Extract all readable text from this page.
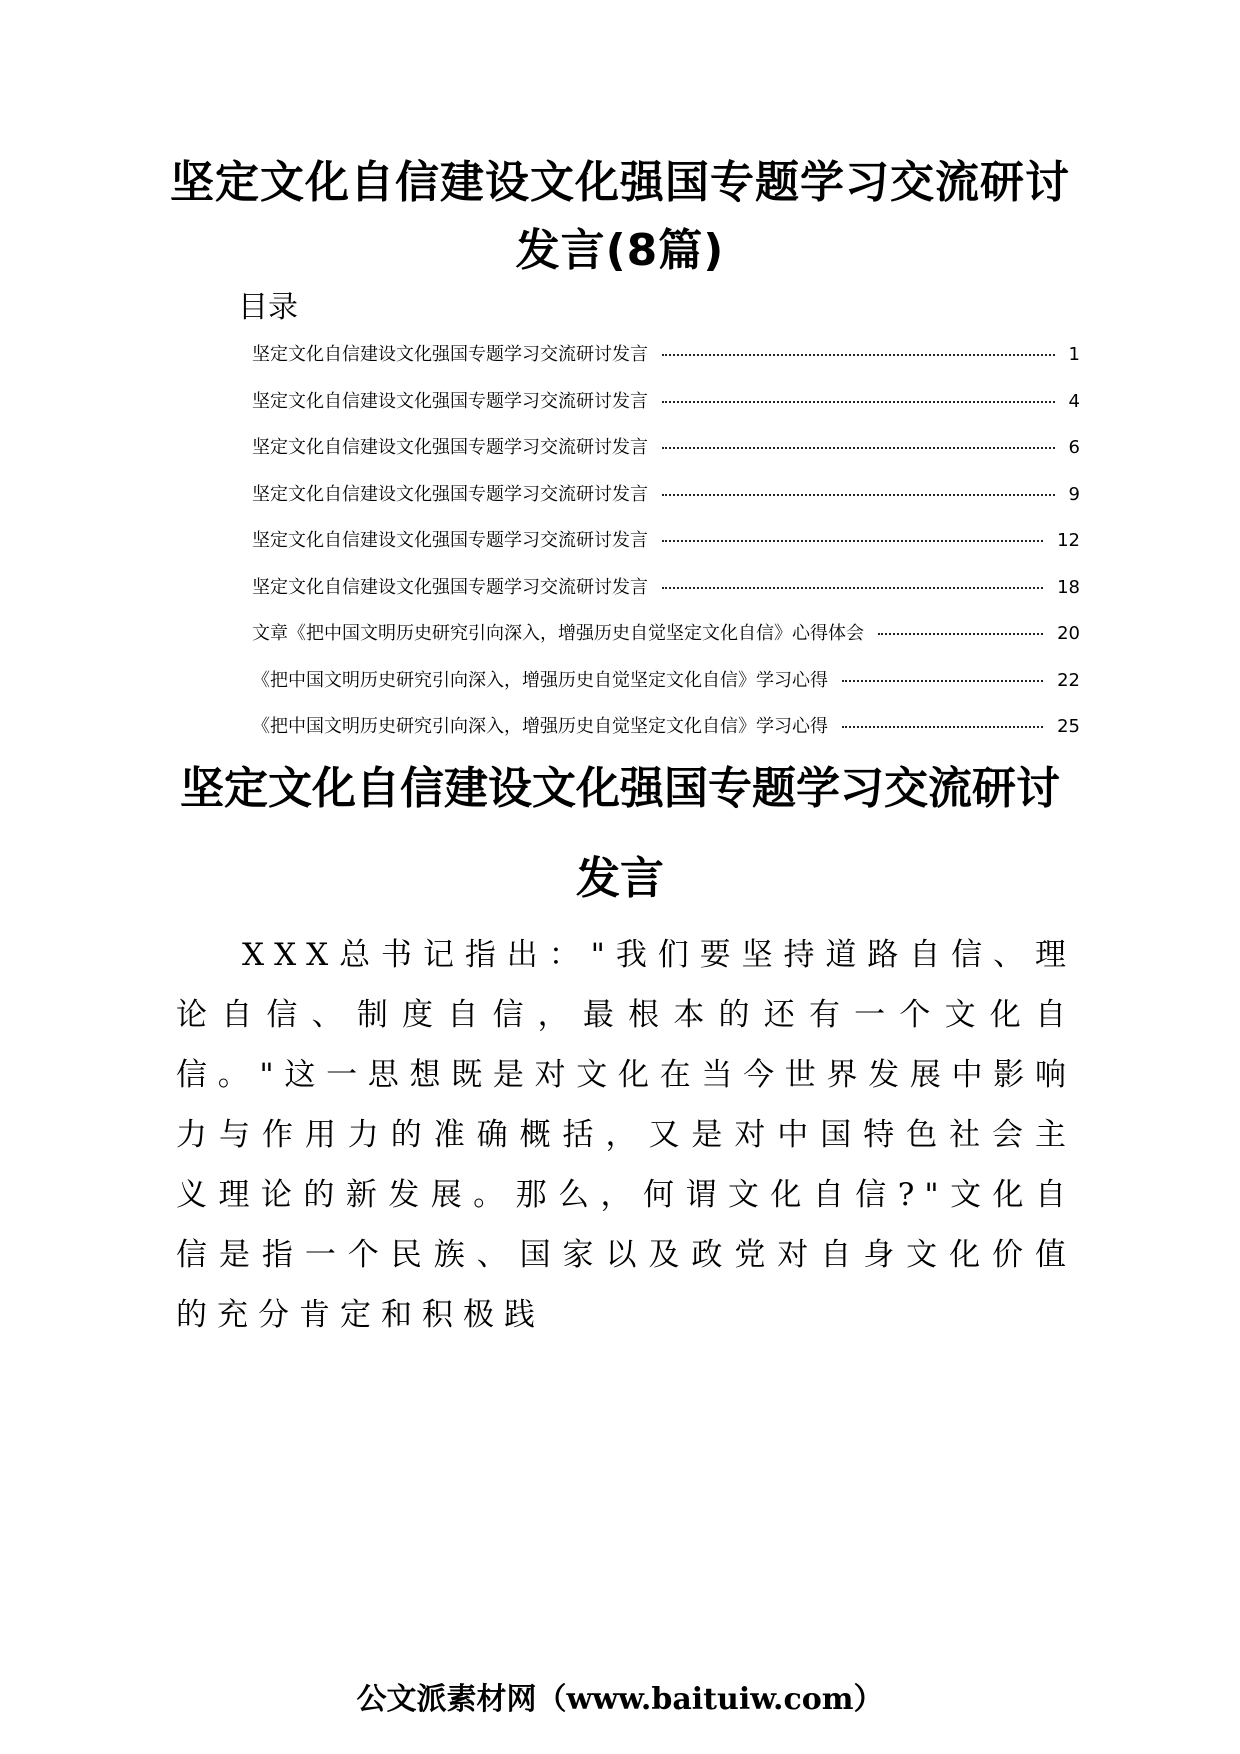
坚定文化自信建设文化强国专题学习交流研讨
发言(8篇)
目录
坚定文化自信建设文化强国专题学习交流研讨发言	1
坚定文化自信建设文化强国专题学习交流研讨发言	4
坚定文化自信建设文化强国专题学习交流研讨发言	6
坚定文化自信建设文化强国专题学习交流研讨发言	9
坚定文化自信建设文化强国专题学习交流研讨发言	12
坚定文化自信建设文化强国专题学习交流研讨发言	18
文章《把中国文明历史研究引向深入，增强历史自觉坚定文化自信》心得体会	20
《把中国文明历史研究引向深入，增强历史自觉坚定文化自信》学习心得	22
《把中国文明历史研究引向深入，增强历史自觉坚定文化自信》学习心得	25
坚定文化自信建设文化强国专题学习交流研讨
发言

XXX总书记指出："我们要坚持道路自信、理论自信、制度自信，最根本的还有一个文化自信。"这一思想既是对文化在当今世界发展中影响力与作用力的准确概括，又是对中国特色社会主义理论的新发展。那么，何谓文化自信?"文化自信是指一个民族、国家以及政党对自身文化价值的充分肯定和积极践

公文派素材网（www.baituiw.com）
